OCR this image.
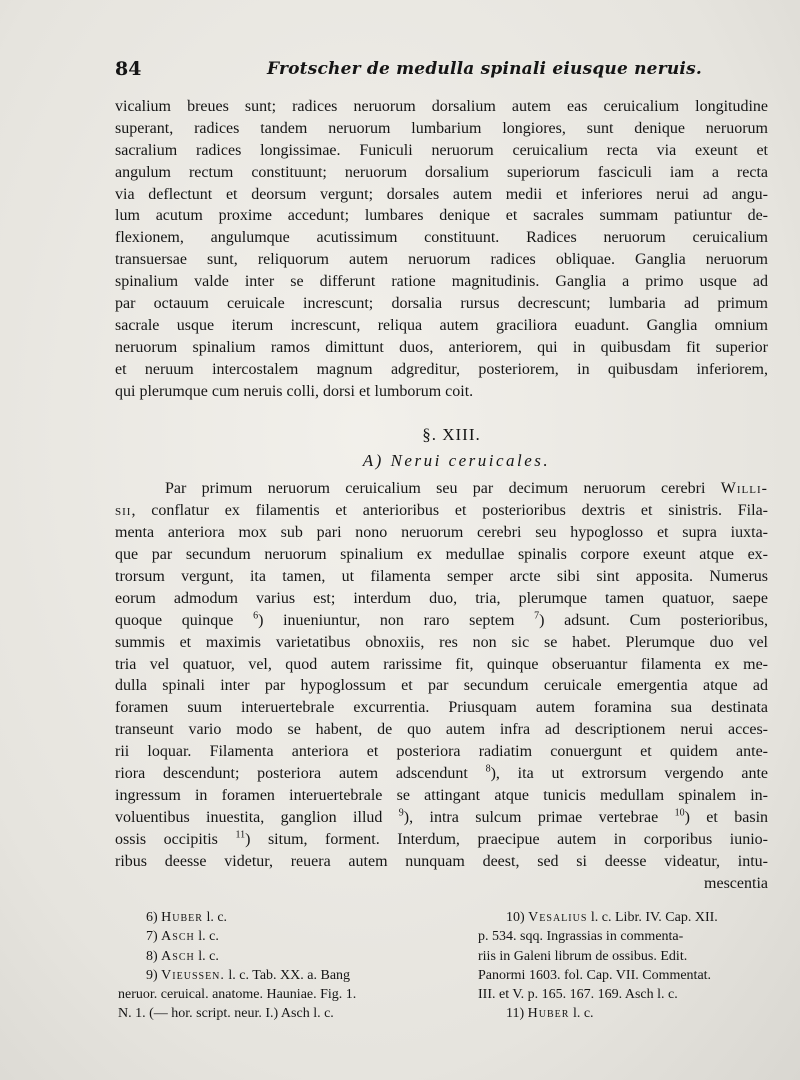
84	Frotscher de medulla spinali eiusque neruis.
vicalium breues sunt; radices neruorum dorsalium autem eas ceruicalium longitudine
superant, radices tandem neruorum lumbarium longiores, sunt denique neruorum
sacralium radices longissimae. Funiculi neruorum ceruicalium recta via exeunt et
angulum rectum constituunt; neruorum dorsalium superiorum fasciculi iam a recta
via deflectunt et deorsum vergunt; dorsales autem medii et inferiores nerui ad angu-
lum acutum proxime accedunt; lumbares denique et sacrales summam patiuntur de-
flexionem, angulumque acutissimum constituunt. Radices neruorum ceruicalium
transuersae sunt, reliquorum autem neruorum radices obliquae. Ganglia neruorum
spinalium valde inter se differunt ratione magnitudinis. Ganglia a primo usque ad
par octauum ceruicale increscunt; dorsalia rursus decrescunt; lumbaria ad primum
sacrale usque iterum increscunt, reliqua autem graciliora euadunt. Ganglia omnium
neruorum spinalium ramos dimittunt duos, anteriorem, qui in quibusdam fit superior
et neruum intercostalem magnum adgreditur, posteriorem, in quibusdam inferiorem,
qui plerumque cum neruis colli, dorsi et lumborum coit.
§. XIII.
A) Nerui ceruicales.
Par primum neruorum ceruicalium seu par decimum neruorum cerebri Willi-
sii, conflatur ex filamentis et anterioribus et posterioribus dextris et sinistris. Fila-
menta anteriora mox sub pari nono neruorum cerebri seu hypoglosso et supra iuxta-
que par secundum neruorum spinalium ex medullae spinalis corpore exeunt atque ex-
trorsum vergunt, ita tamen, ut filamenta semper arcte sibi sint apposita. Numerus
eorum admodum varius est; interdum duo, tria, plerumque tamen quatuor, saepe
quoque quinque $^6$) inueniuntur, non raro septem $^7$) adsunt. Cum posterioribus,
summis et maximis varietatibus obnoxiis, res non sic se habet. Plerumque duo vel
tria vel quatuor, vel, quod autem rarissime fit, quinque obseruantur filamenta ex me-
dulla spinali inter par hypoglossum et par secundum ceruicale emergentia atque ad
foramen suum interuertebrale excurrentia. Priusquam autem foramina sua destinata
transeunt vario modo se habent, de quo autem infra ad descriptionem nerui acces-
rii loquar. Filamenta anteriora et posteriora radiatim conuergunt et quidem ante-
riora descendunt; posteriora autem adscendunt $^8$), ita ut extrorsum vergendo ante
ingressum in foramen interuertebrale se attingant atque tunicis medullam spinalem in-
voluentibus inuestita, ganglion illud $^9$), intra sulcum primae vertebrae $^{10}$) et basin
ossis occipitis $^{11}$) situm, forment. Interdum, praecipue autem in corporibus iunio-
ribus deesse videtur, reuera autem nunquam deest, sed si deesse videatur, intu-
mescentia
6) Huber l. c.
7) Asch l. c.
8) Asch l. c.
9) Vieussen. l. c. Tab. XX. a. Bang
neruor. ceruical. anatome. Hauniae. Fig. 1.
N. 1. (— hor. script. neur. I.) Asch l. c.
10) Vesalius l. c. Libr. IV. Cap. XII.
p. 534. sqq. Ingrassias in commenta-
riis in Galeni librum de ossibus. Edit.
Panormi 1603. fol. Cap. VII. Commentat.
III. et V. p. 165. 167. 169. Asch l. c.
11) Huber l. c.
